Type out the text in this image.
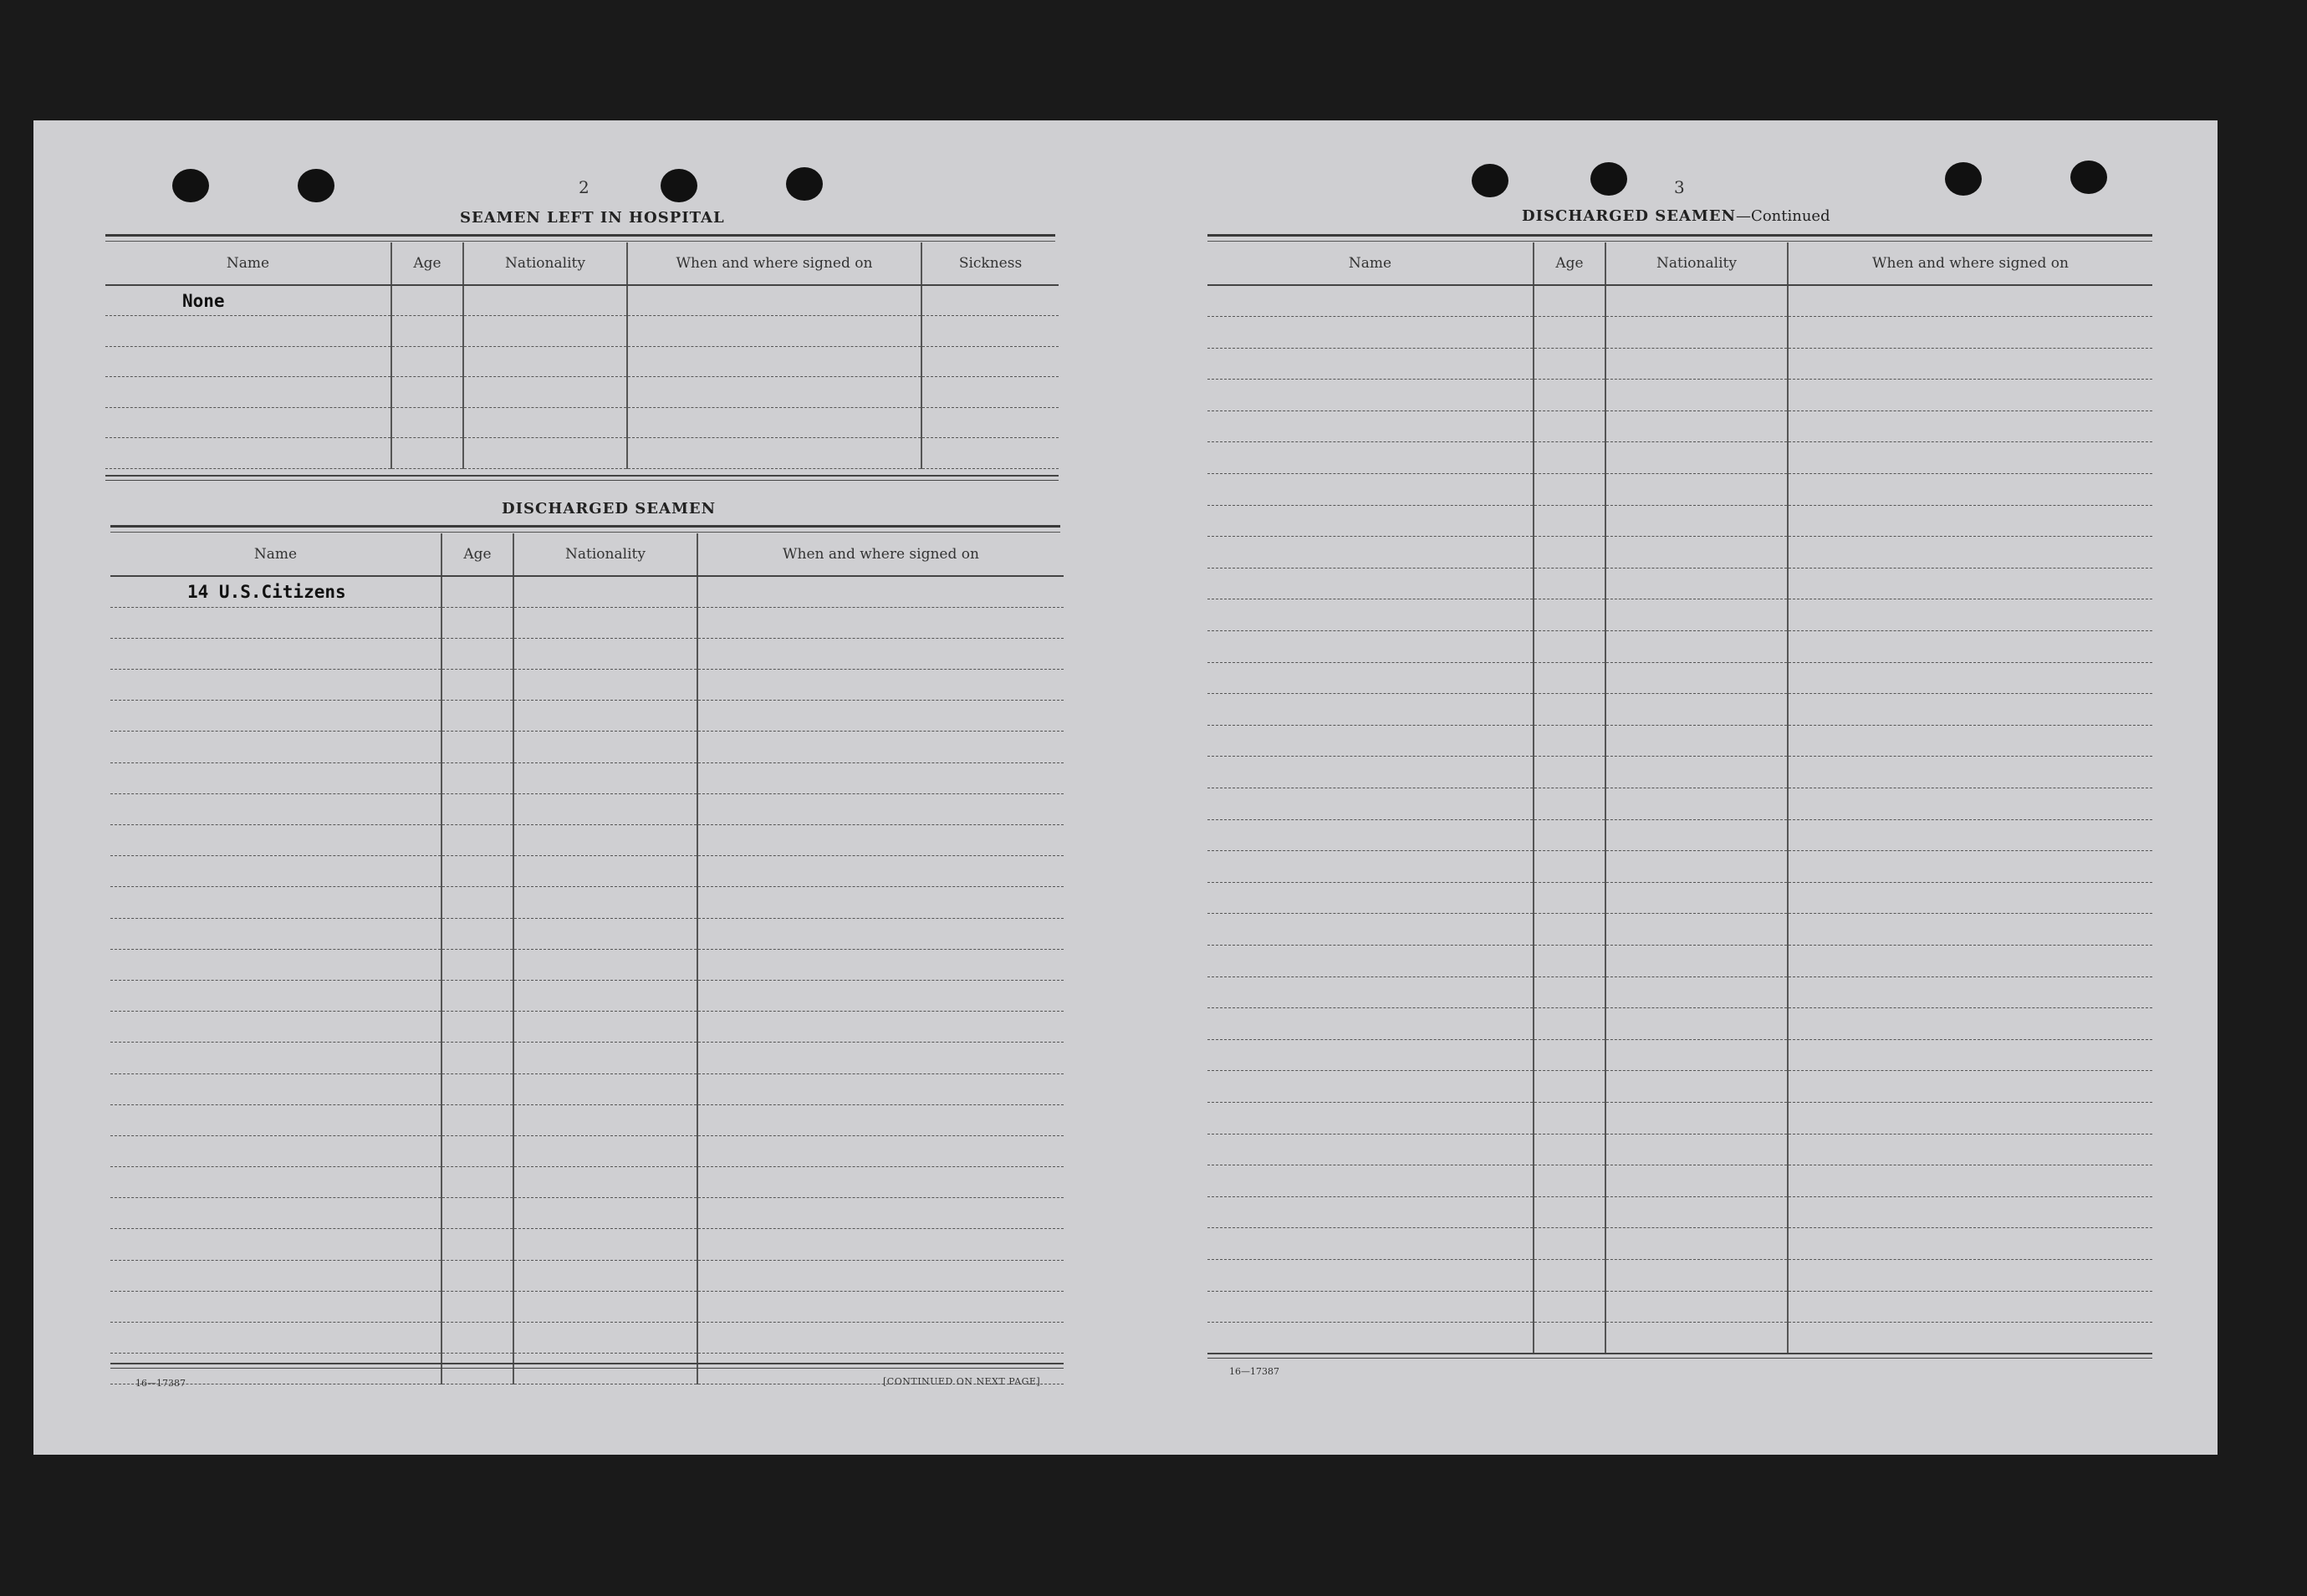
2
SEAMEN LEFT IN HOSPITAL
Name	Age	Nationality	When and where signed on	Sickness
None				

DISCHARGED SEAMEN
Name	Age	Nationality	When and where signed on
14 U.S.Citizens			

16—17387	[CONTINUED ON NEXT PAGE]
3
DISCHARGED SEAMEN—Continued
Name	Age	Nationality	When and where signed on

16—17387
